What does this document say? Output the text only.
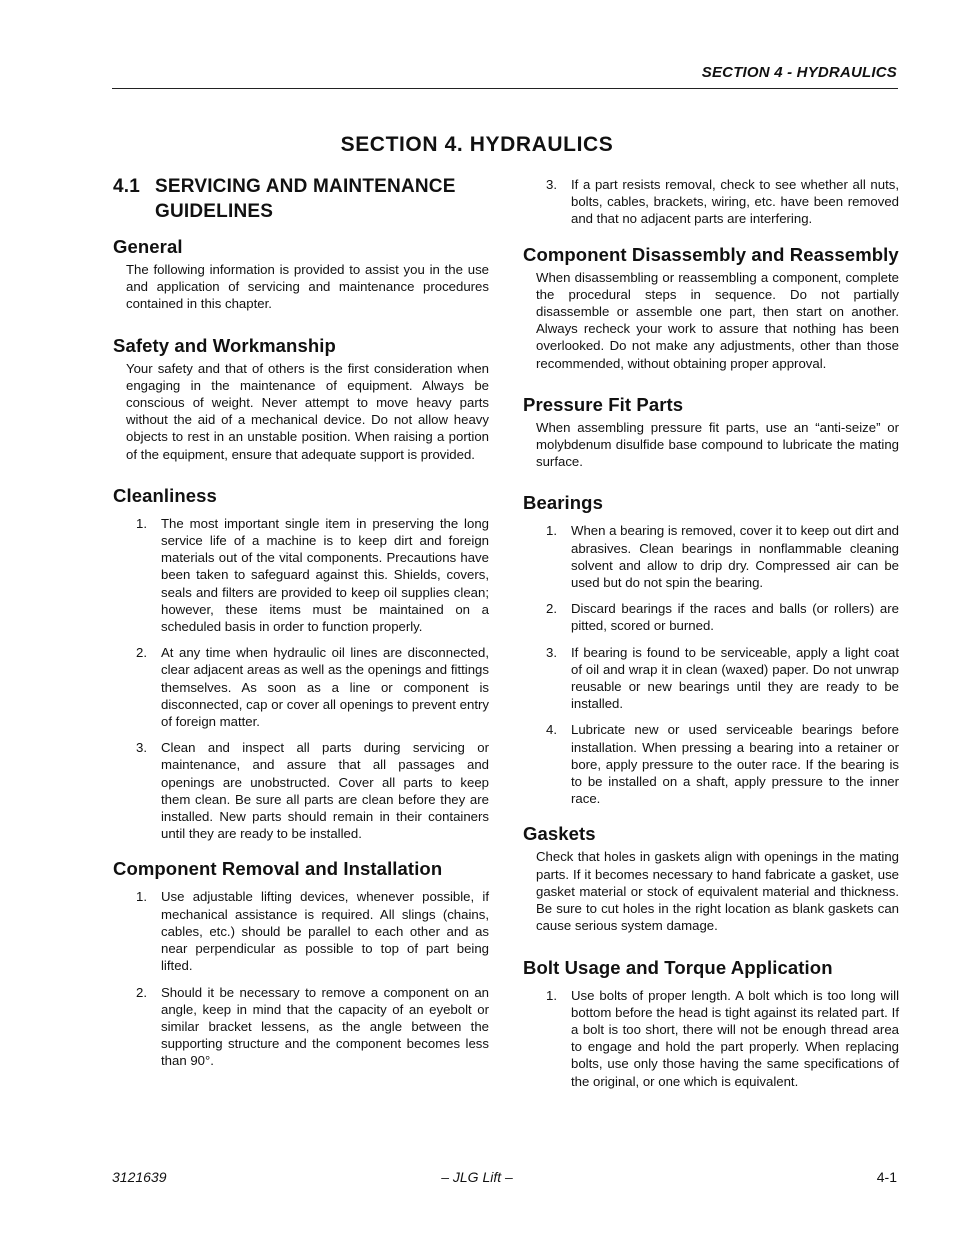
SECTION 4 - HYDRAULICS
SECTION 4. HYDRAULICS
4.1 SERVICING AND MAINTENANCE GUIDELINES
General

The following information is provided to assist you in the use and application of servicing and maintenance procedures contained in this chapter.

Safety and Workmanship

Your safety and that of others is the first consideration when engaging in the maintenance of equipment. Always be conscious of weight. Never attempt to move heavy parts without the aid of a mechanical device. Do not allow heavy objects to rest in an unstable position. When raising a portion of the equipment, ensure that adequate support is provided.

Cleanliness
1.	The most important single item in preserving the long service life of a machine is to keep dirt and foreign materials out of the vital components. Precautions have been taken to safeguard against this. Shields, covers, seals and filters are provided to keep oil supplies clean; however, these items must be maintained on a scheduled basis in order to function properly.
2.	At any time when hydraulic oil lines are disconnected, clear adjacent areas as well as the openings and fittings themselves. As soon as a line or component is disconnected, cap or cover all openings to prevent entry of foreign matter.
3.	Clean and inspect all parts during servicing or maintenance, and assure that all passages and openings are unobstructed. Cover all parts to keep them clean. Be sure all parts are clean before they are installed. New parts should remain in their containers until they are ready to be installed.
Component Removal and Installation
1.	Use adjustable lifting devices, whenever possible, if mechanical assistance is required. All slings (chains, cables, etc.) should be parallel to each other and as near perpendicular as possible to top of part being lifted.
2.	Should it be necessary to remove a component on an angle, keep in mind that the capacity of an eyebolt or similar bracket lessens, as the angle between the supporting structure and the component becomes less than 90°.
3.	If a part resists removal, check to see whether all nuts, bolts, cables, brackets, wiring, etc. have been removed and that no adjacent parts are interfering.
Component Disassembly and Reassembly

When disassembling or reassembling a component, complete the procedural steps in sequence. Do not partially disassemble or assemble one part, then start on another. Always recheck your work to assure that nothing has been overlooked. Do not make any adjustments, other than those recommended, without obtaining proper approval.

Pressure Fit Parts

When assembling pressure fit parts, use an “anti-seize” or molybdenum disulfide base compound to lubricate the mating surface.

Bearings
1.	When a bearing is removed, cover it to keep out dirt and abrasives. Clean bearings in nonflammable cleaning solvent and allow to drip dry. Compressed air can be used but do not spin the bearing.
2.	Discard bearings if the races and balls (or rollers) are pitted, scored or burned.
3.	If bearing is found to be serviceable, apply a light coat of oil and wrap it in clean (waxed) paper. Do not unwrap reusable or new bearings until they are ready to be installed.
4.	Lubricate new or used serviceable bearings before installation. When pressing a bearing into a retainer or bore, apply pressure to the outer race. If the bearing is to be installed on a shaft, apply pressure to the inner race.
Gaskets

Check that holes in gaskets align with openings in the mating parts. If it becomes necessary to hand fabricate a gasket, use gasket material or stock of equivalent material and thickness. Be sure to cut holes in the right location as blank gaskets can cause serious system damage.

Bolt Usage and Torque Application
1.	Use bolts of proper length. A bolt which is too long will bottom before the head is tight against its related part. If a bolt is too short, there will not be enough thread area to engage and hold the part properly. When replacing bolts, use only those having the same specifications of the original, or one which is equivalent.
3121639	– JLG Lift –	4-1
